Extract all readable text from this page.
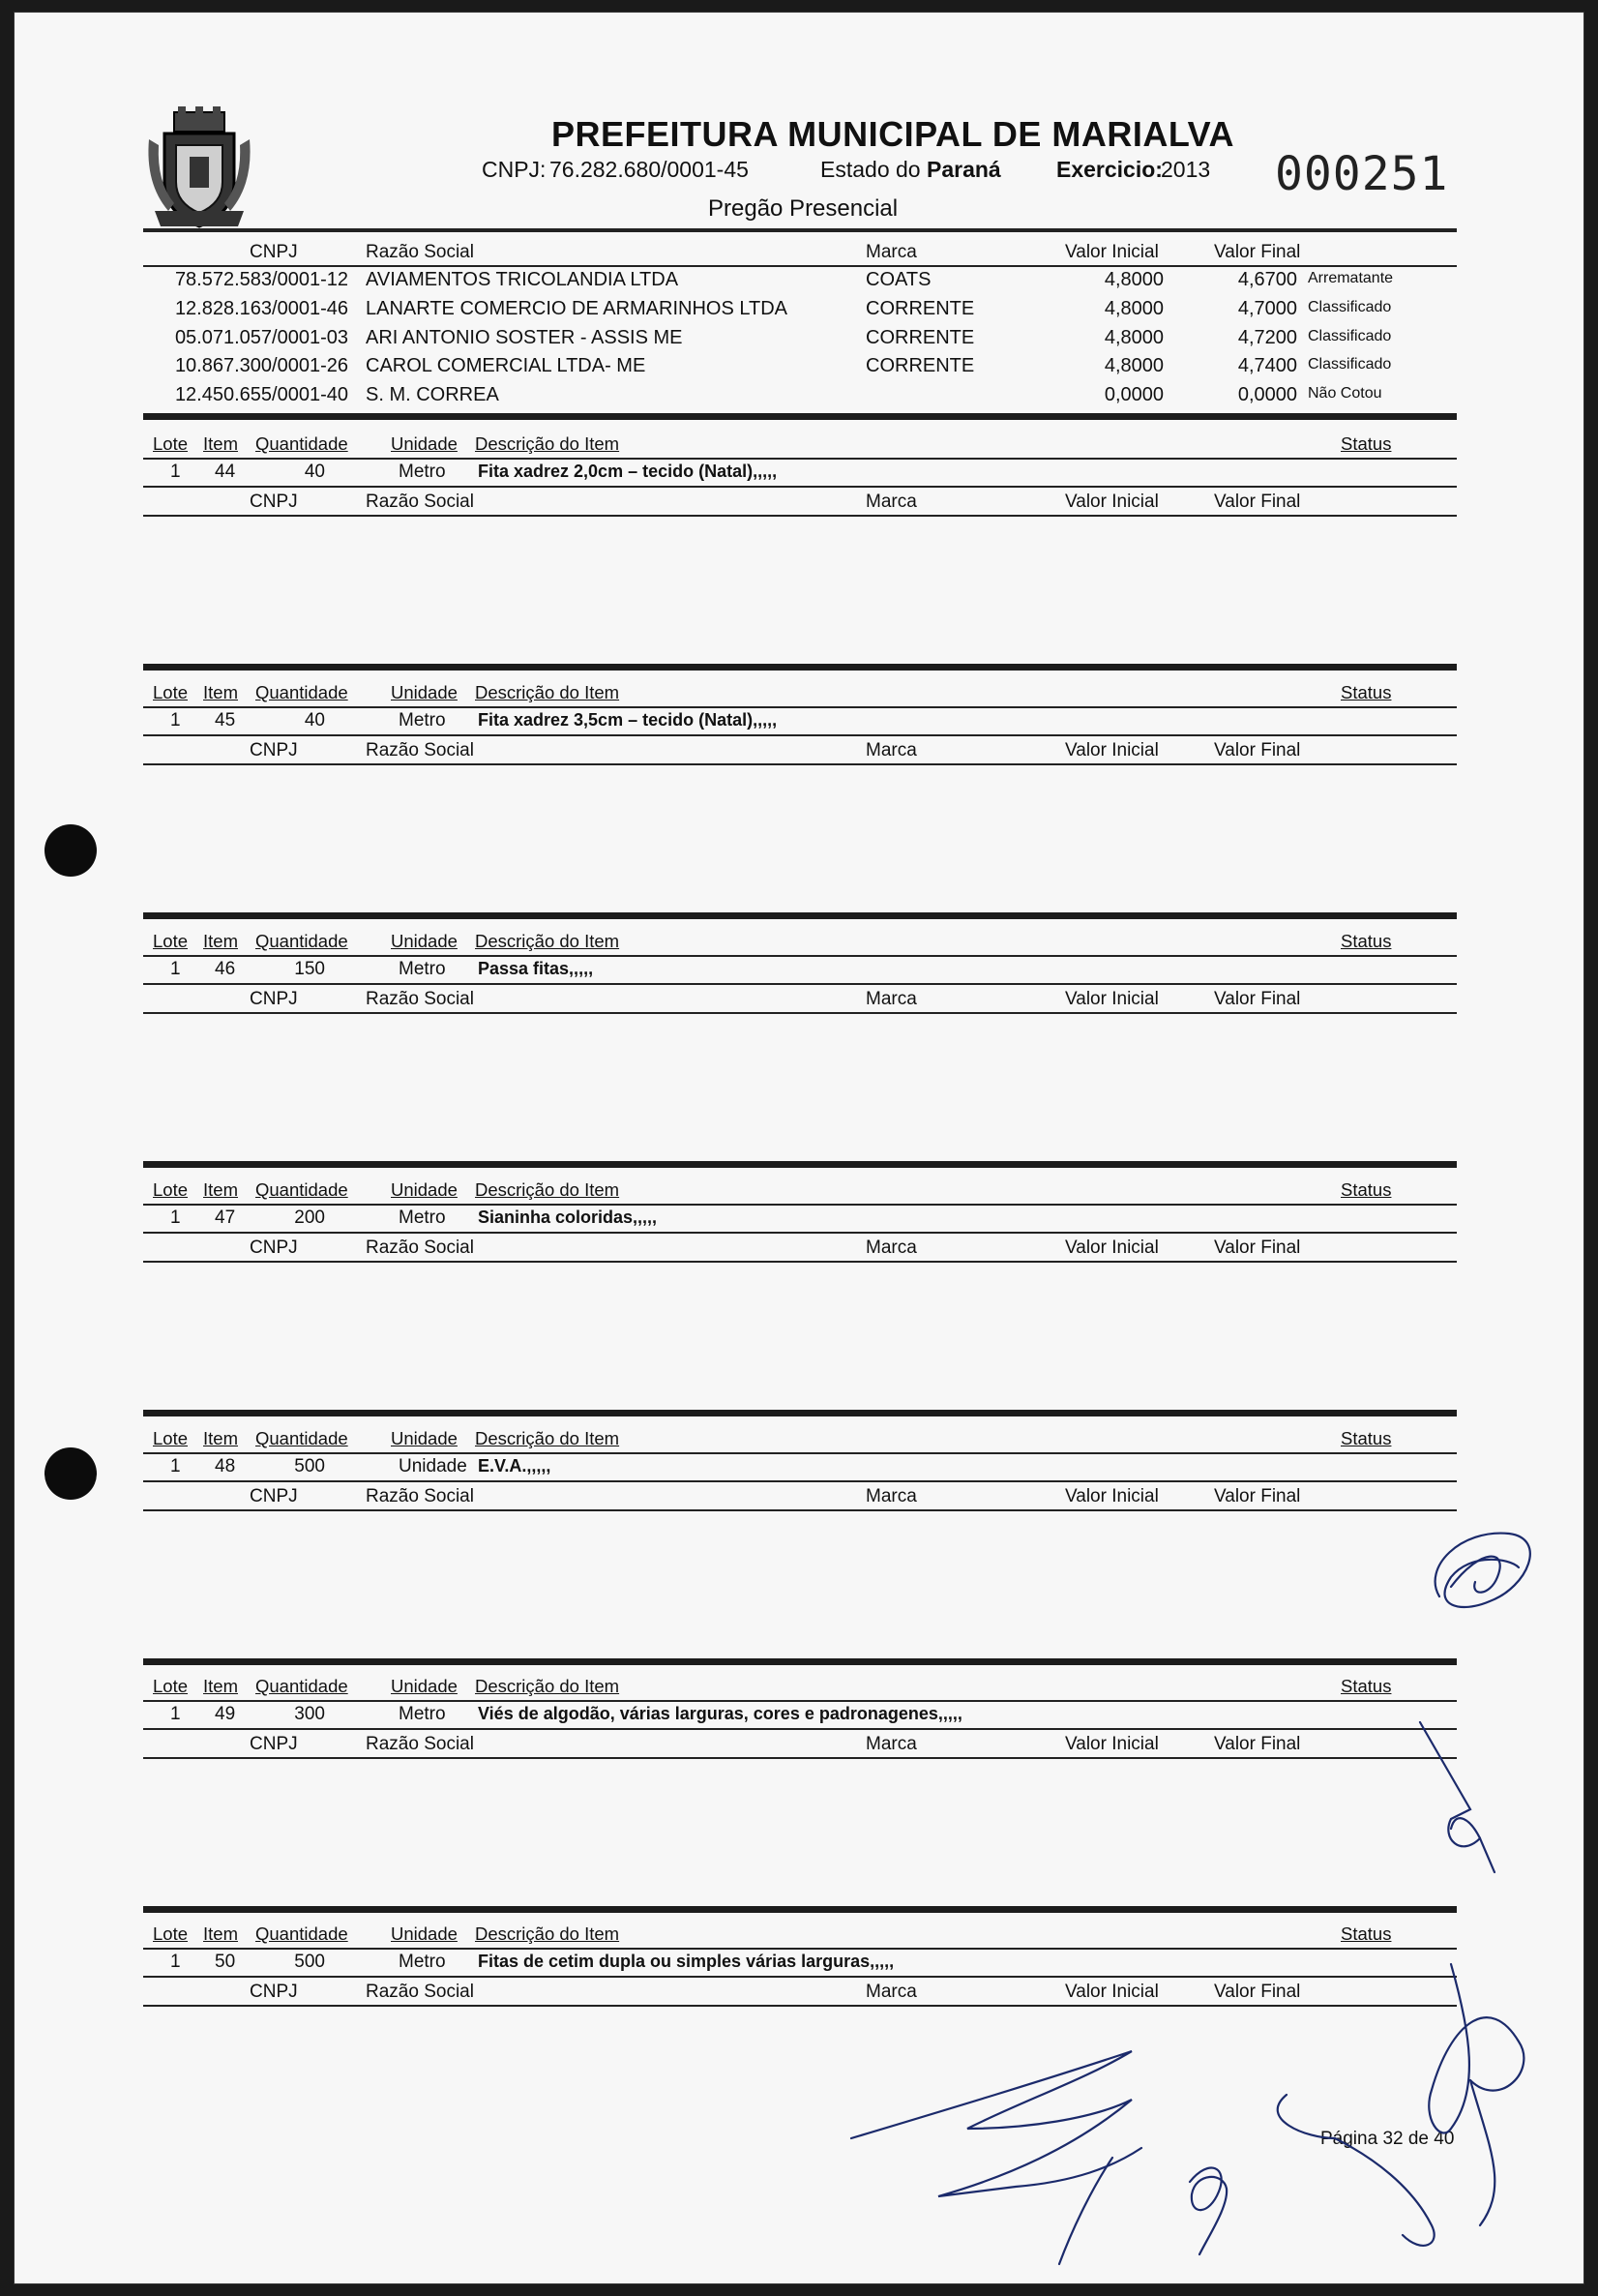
PREFEITURA MUNICIPAL DE MARIALVA
CNPJ: 76.282.680/0001-45	Estado do Paraná Exercicio:
2013
Pregão Presencial
000251
CNPJ	Razão Social	Marca	Valor Inicial	Valor Final
78.572.583/0001-12 AVIAMENTOS TRICOLANDIA LTDA	COATS	4,8000	4,6700 Arrematante
12.828.163/0001-46 LANARTE COMERCIO DE ARMARINHOS LTDA	CORRENTE	4,8000	4,7000 Classificado
05.071.057/0001-03 ARI ANTONIO SOSTER - ASSIS ME	CORRENTE	4,8000	4,7200 Classificado
10.867.300/0001-26 CAROL COMERCIAL LTDA- ME	CORRENTE	4,8000	4,7400 Classificado
12.450.655/0001-40 S. M. CORREA	0,0000	0,0000 Não Cotou
Lote Item Quantidade Unidade Descrição do Item	Status
1 44	40	Metro Fita xadrez 2,0cm – tecido (Natal),,,,,
CNPJ	Razão Social	Marca	Valor Inicial	Valor Final
Lote Item Quantidade Unidade Descrição do Item	Status
1 45	40	Metro Fita xadrez 3,5cm – tecido (Natal),,,,,
CNPJ	Razão Social	Marca	Valor Inicial	Valor Final
Lote Item Quantidade Unidade Descrição do Item	Status
1 46	150	Metro Passa fitas,,,,,
CNPJ	Razão Social	Marca	Valor Inicial	Valor Final
Lote Item Quantidade Unidade Descrição do Item	Status
1 47	200	Metro Sianinha coloridas,,,,,
CNPJ	Razão Social	Marca	Valor Inicial	Valor Final
Lote Item Quantidade Unidade Descrição do Item	Status
1 48	500	Unidade E.V.A.,,,,,
CNPJ	Razão Social	Marca	Valor Inicial	Valor Final
Lote Item Quantidade Unidade Descrição do Item	Status
1 49	300	Metro Viés de algodão, várias larguras, cores e padronagenes,,,,,
CNPJ	Razão Social	Marca	Valor Inicial	Valor Final
Lote Item Quantidade Unidade Descrição do Item	Status
1 50	500	Metro Fitas de cetim dupla ou simples várias larguras,,,,,
CNPJ	Razão Social	Marca	Valor Inicial	Valor Final
Página 32 de 40
